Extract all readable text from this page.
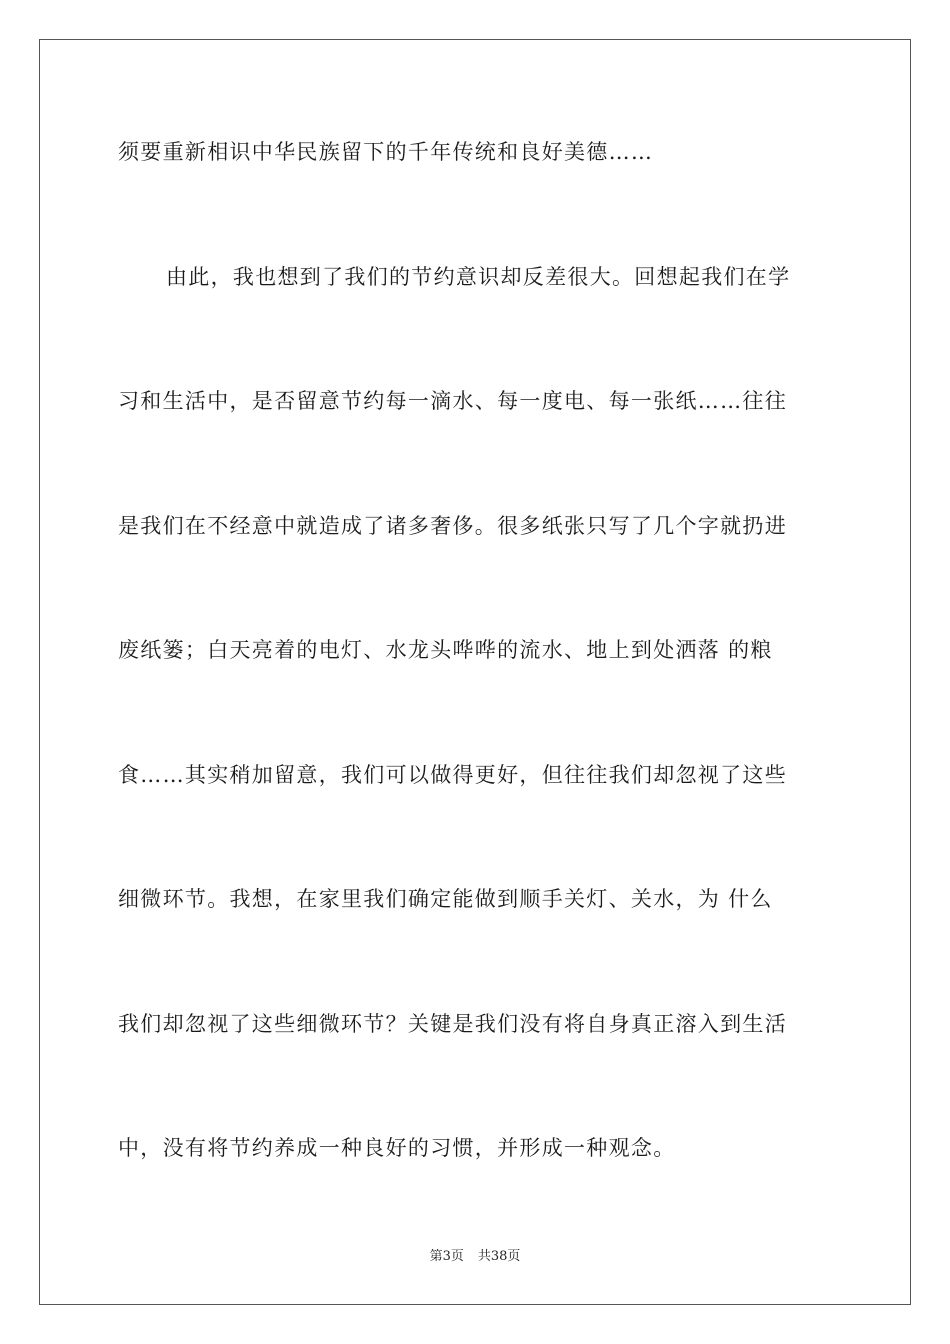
须要重新相识中华民族留下的千年传统和良好美德……
由此，我也想到了我们的节约意识却反差很大。回想起我们在学
习和生活中，是否留意节约每一滴水、每一度电、每一张纸……往往
是我们在不经意中就造成了诸多奢侈。很多纸张只写了几个字就扔进
废纸篓；白天亮着的电灯、水龙头哗哗的流水、地上到处洒落 的粮
食……其实稍加留意，我们可以做得更好，但往往我们却忽视了这些
细微环节。我想，在家里我们确定能做到顺手关灯、关水，为 什么
我们却忽视了这些细微环节？关键是我们没有将自身真正溶入到生活
中，没有将节约养成一种良好的习惯，并形成一种观念。
第3页 共38页
